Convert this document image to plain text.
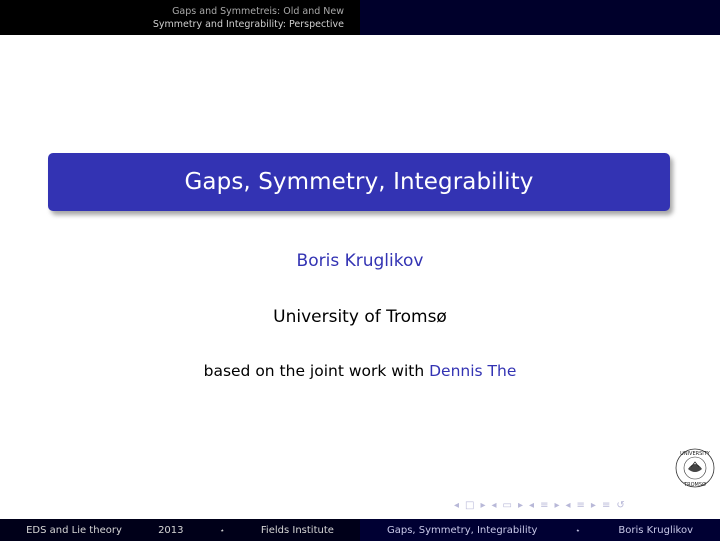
Gaps and Symmetreis: Old and New
Symmetry and Integrability: Perspective
Gaps, Symmetry, Integrability
Boris Kruglikov
University of Tromsø
based on the joint work with Dennis The
UNIVERSITY
TROMSØ
◂ □ ▸ ◂ ▭ ▸ ◂ ≡ ▸ ◂ ≡ ▸ ≡ ↺
EDS and Lie theory	2013	⋆	Fields Institute	Gaps, Symmetry, Integrability	⋆	Boris Kruglikov
